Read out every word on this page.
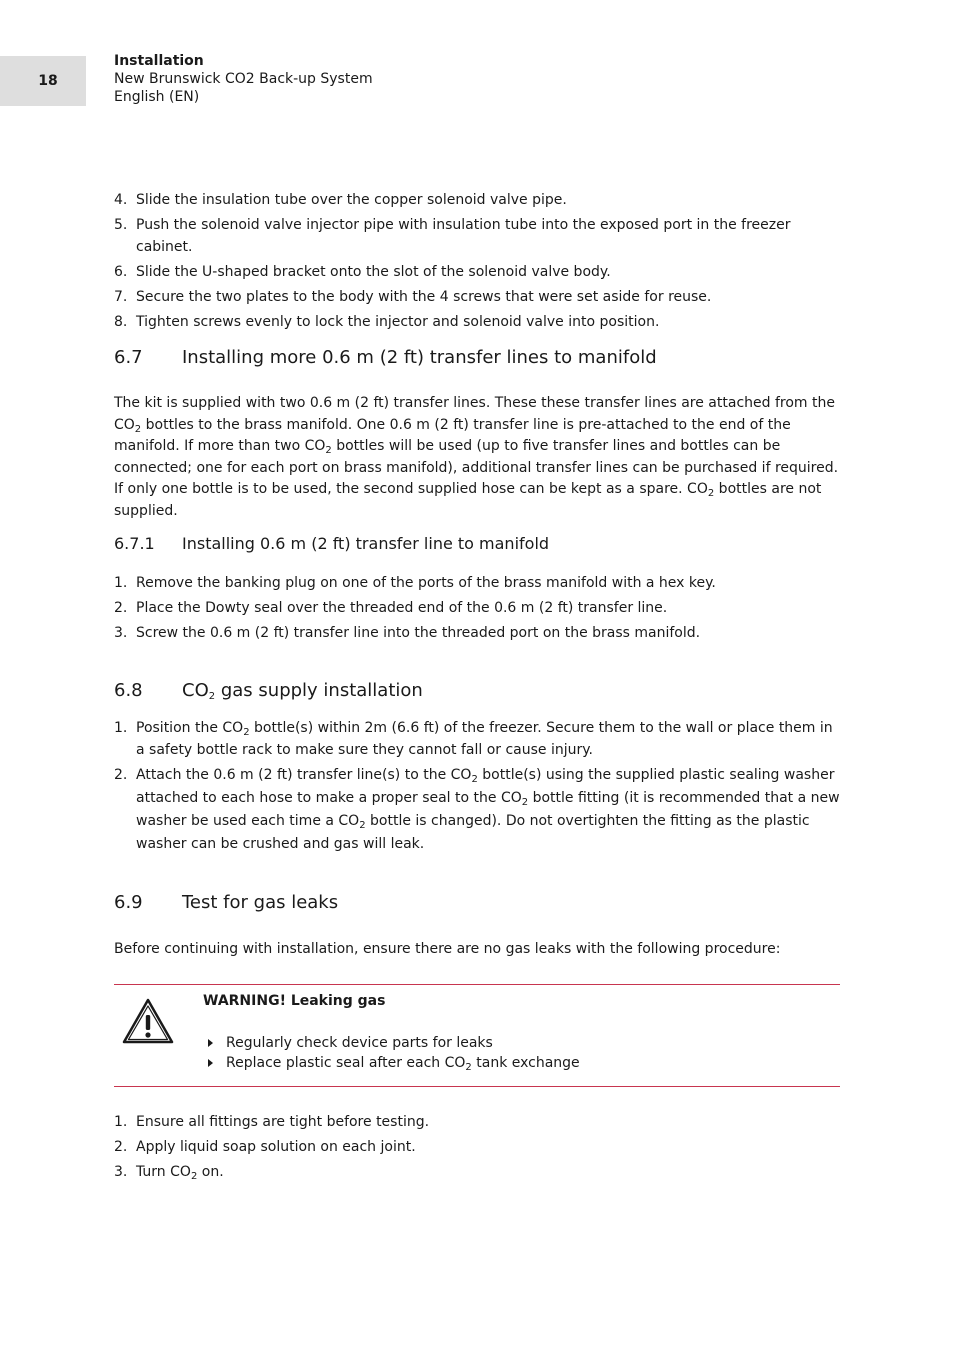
18
Installation
New Brunswick CO2 Back-up System
English (EN)
4. Slide the insulation tube over the copper solenoid valve pipe.
5. Push the solenoid valve injector pipe with insulation tube into the exposed port in the freezer cabinet.
6. Slide the U-shaped bracket onto the slot of the solenoid valve body.
7. Secure the two plates to the body with the 4 screws that were set aside for reuse.
8. Tighten screws evenly to lock the injector and solenoid valve into position.
6.7	Installing more 0.6 m (2 ft) transfer lines to manifold

The kit is supplied with two 0.6 m (2 ft) transfer lines. These these transfer lines are attached from the $CO_2$ bottles to the brass manifold. One 0.6 m (2 ft) transfer line is pre-attached to the end of the manifold. If more than two $CO_2$ bottles will be used (up to five transfer lines and bottles can be connected; one for each port on brass manifold), additional transfer lines can be purchased if required. If only one bottle is to be used, the second supplied hose can be kept as a spare. $CO_2$ bottles are not supplied.

6.7.1	Installing 0.6 m (2 ft) transfer line to manifold
1. Remove the banking plug on one of the ports of the brass manifold with a hex key.
2. Place the Dowty seal over the threaded end of the 0.6 m (2 ft) transfer line.
3. Screw the 0.6 m (2 ft) transfer line into the threaded port on the brass manifold.
6.8	$CO_2$ gas supply installation
1. Position the $CO_2$ bottle(s) within 2m (6.6 ft) of the freezer. Secure them to the wall or place them in a safety bottle rack to make sure they cannot fall or cause injury.
2. Attach the 0.6 m (2 ft) transfer line(s) to the $CO_2$ bottle(s) using the supplied plastic sealing washer attached to each hose to make a proper seal to the $CO_2$ bottle fitting (it is recommended that a new washer be used each time a $CO_2$ bottle is changed). Do not overtighten the fitting as the plastic washer can be crushed and gas will leak.
6.9	Test for gas leaks

Before continuing with installation, ensure there are no gas leaks with the following procedure:

WARNING! Leaking gas
Regularly check device parts for leaks
Replace plastic seal after each $CO_2$ tank exchange
1. Ensure all fittings are tight before testing.
2. Apply liquid soap solution on each joint.
3. Turn $CO_2$ on.
